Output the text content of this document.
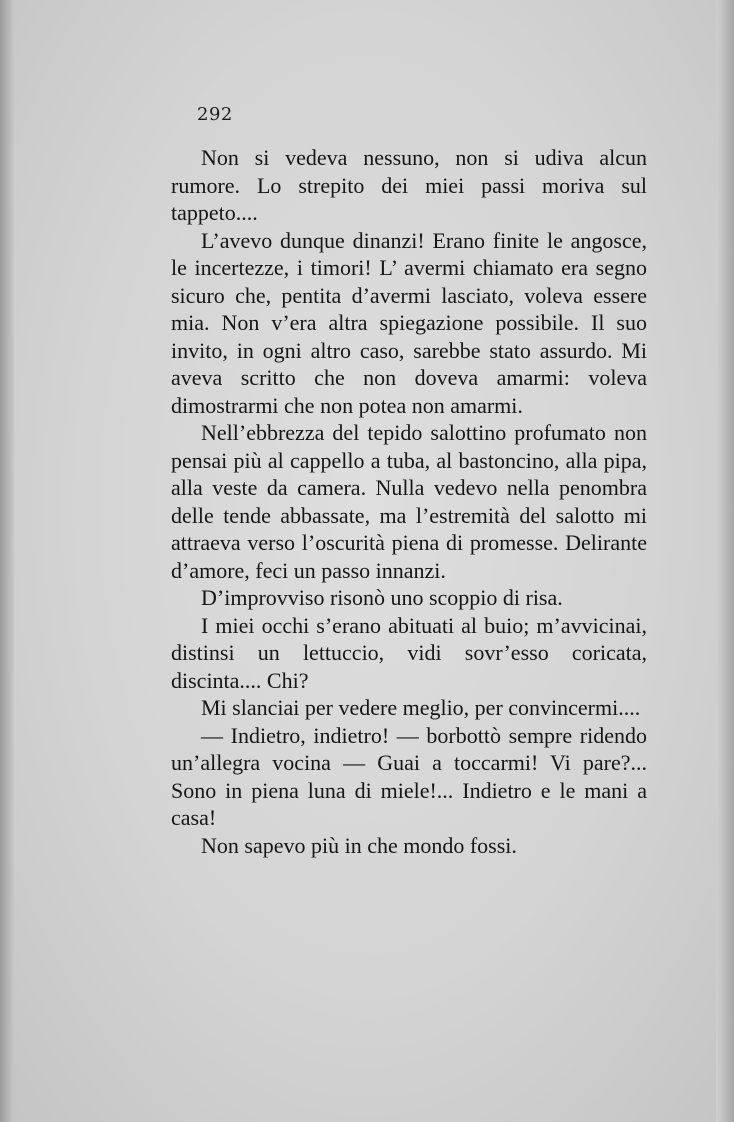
292

Non si vedeva nessuno, non si udiva alcun rumore. Lo strepito dei miei passi moriva sul tappeto....

L’avevo dunque dinanzi! Erano finite le angosce, le incertezze, i timori! L’ avermi chiamato era segno sicuro che, pentita d’avermi lasciato, voleva essere mia. Non v’era altra spiegazione possibile. Il suo invito, in ogni altro caso, sarebbe stato assurdo. Mi aveva scritto che non doveva amarmi: voleva dimostrarmi che non potea non amarmi.

Nell’ebbrezza del tepido salottino profumato non pensai più al cappello a tuba, al bastoncino, alla pipa, alla veste da camera. Nulla vedevo nella penombra delle tende abbassate, ma l’estremità del salotto mi attraeva verso l’oscurità piena di promesse. Delirante d’amore, feci un passo innanzi.

D’improvviso risonò uno scoppio di risa.

I miei occhi s’erano abituati al buio; m’avvicinai, distinsi un lettuccio, vidi sovr’esso coricata, discinta.... Chi?

Mi slanciai per vedere meglio, per convincermi....

— Indietro, indietro! — borbottò sempre ridendo un’allegra vocina — Guai a toccarmi! Vi pare?... Sono in piena luna di miele!... Indietro e le mani a casa!

Non sapevo più in che mondo fossi.
